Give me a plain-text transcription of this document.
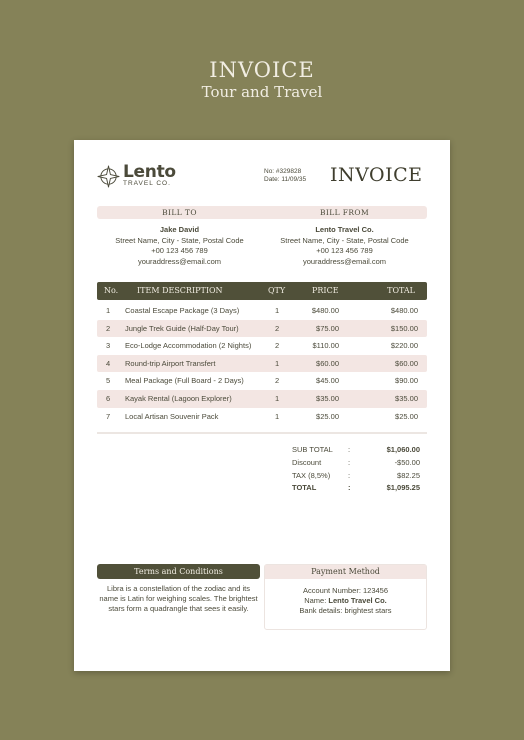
INVOICE
Tour and Travel
Lento
TRAVEL CO.
No: #329828
Date: 11/09/35 INVOICE
BILL TO	BILL FROM
Jake David
Street Name, City - State, Postal Code
+00 123 456 789
youraddress@email.com
Lento Travel Co.
Street Name, City - State, Postal Code
+00 123 456 789
youraddress@email.com
No. ITEM DESCRIPTION	QTY	PRICE	TOTAL
1 Coastal Escape Package (3 Days)	1	$480.00	$480.00
2 Jungle Trek Guide (Half-Day Tour)	2	$75.00	$150.00
3 Eco-Lodge Accommodation (2 Nights)	2	$110.00	$220.00
4 Round-trip Airport Transfert	1	$60.00	$60.00
5 Meal Package (Full Board - 2 Days)	2	$45.00	$90.00
6 Kayak Rental (Lagoon Explorer)	1	$35.00	$35.00
7 Local Artisan Souvenir Pack	1	$25.00	$25.00
SUB TOTAL :	$1,060.00
Discount	:	-$50.00
TAX (8,5%) :	$82.25
TOTAL	:	$1,095.25
Terms and Conditions
Libra is a constellation of the zodiac and its name is Latin for weighing scales. The brightest stars form a quadrangle that sees it easily.
Payment Method
Account Number: 123456
Name: Lento Travel Co.
Bank details: brightest stars
